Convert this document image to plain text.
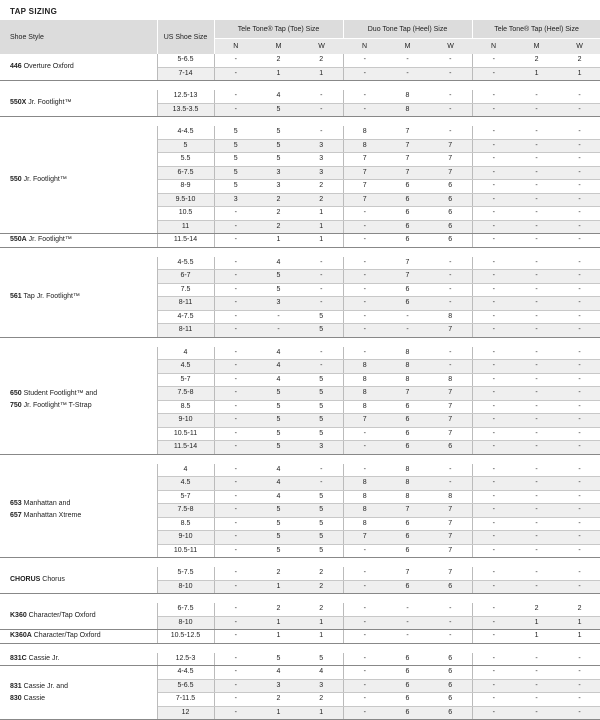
TAP SIZING
Shoe Style	US Shoe Size	Tele Tone® Tap (Toe) Size			Duo Tone Tap (Heel) Size			Tele Tone® Tap (Heel) Size		
		N	M	W	N	M	W	N	M	W
446 Overture Oxford	5-6.5	-	2	2	-	-	-	-	2	2
	7-14	-	1	1	-	-	-	-	1	1

550X Jr. Footlight™	12.5-13	-	4	-	-	8	-	-	-	-
	13.5-3.5	-	5	-	-	8	-	-	-	-

550 Jr. Footlight™	4-4.5	5	5	-	8	7	-	-	-	-
	5	5	5	3	8	7	7	-	-	-
	5.5	5	5	3	7	7	7	-	-	-
	6-7.5	5	3	3	7	7	7	-	-	-
	8-9	5	3	2	7	6	6	-	-	-
	9.5-10	3	2	2	7	6	6	-	-	-
	10.5	-	2	1	-	6	6	-	-	-
	11	-	2	1	-	6	6	-	-	-
550A Jr. Footlight™	11.5-14	-	1	1	-	6	6	-	-	-

561 Tap Jr. Footlight™	4-5.5	-	4	-	-	7	-	-	-	-
	6-7	-	5	-	-	7	-	-	-	-
	7.5	-	5	-	-	6	-	-	-	-
	8-11	-	3	-	-	6	-	-	-	-
	4-7.5	-	-	5	-	-	8	-	-	-
	8-11	-	-	5	-	-	7	-	-	-

650 Student Footlight™ and
750 Jr. Footlight™ T-Strap	4	-	4	-	-	8	-	-	-	-
	4.5	-	4	-	8	8	-	-	-	-
	5-7	-	4	5	8	8	8	-	-	-
	7.5-8	-	5	5	8	7	7	-	-	-
	8.5	-	5	5	8	6	7	-	-	-
	9-10	-	5	5	7	6	7	-	-	-
	10.5-11	-	5	5	-	6	7	-	-	-
	11.5-14	-	5	3	-	6	6	-	-	-

653 Manhattan and
657 Manhattan Xtreme	4	-	4	-	-	8	-	-	-	-
	4.5	-	4	-	8	8	-	-	-	-
	5-7	-	4	5	8	8	8	-	-	-
	7.5-8	-	5	5	8	7	7	-	-	-
	8.5	-	5	5	8	6	7	-	-	-
	9-10	-	5	5	7	6	7	-	-	-
	10.5-11	-	5	5	-	6	7	-	-	-

CHORUS Chorus	5-7.5	-	2	2	-	7	7	-	-	-
	8-10	-	1	2	-	6	6	-	-	-

K360 Character/Tap Oxford	6-7.5	-	2	2	-	-	-	-	2	2
	8-10	-	1	1	-	-	-	-	1	1
K360A Character/Tap Oxford	10.5-12.5	-	1	1	-	-	-	-	1	1

831C Cassie Jr.	12.5-3	-	5	5	-	6	6	-	-	-
831 Cassie Jr. and
830 Cassie	4-4.5	-	4	4	-	6	6	-	-	-
	5-6.5	-	3	3	-	6	6	-	-	-
	7-11.5	-	2	2	-	6	6	-	-	-
	12	-	1	1	-	6	6	-	-	-
